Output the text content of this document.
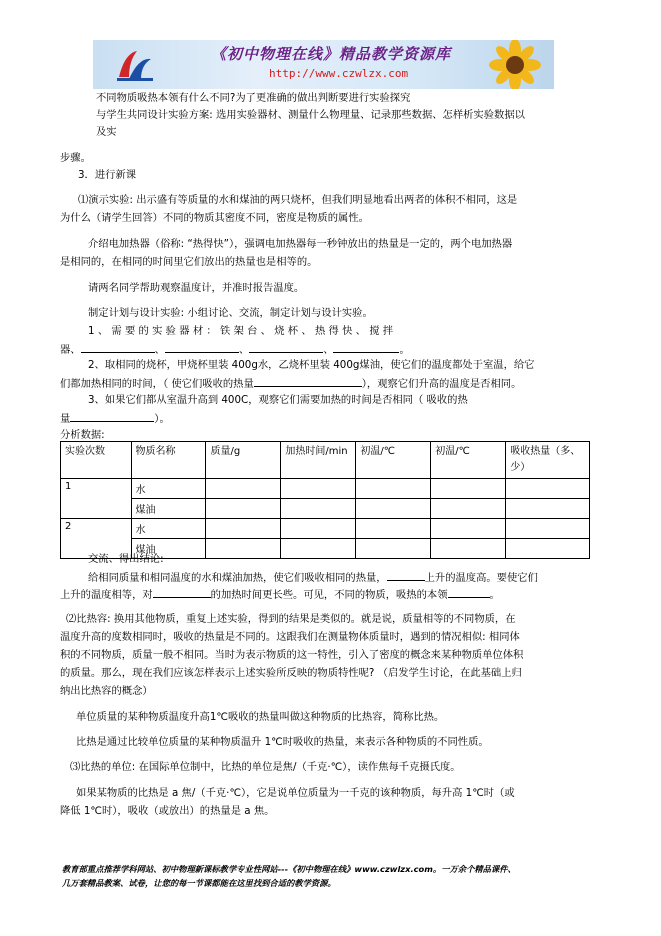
《初中物理在线》精品教学资源库
http://www.czwlzx.com
不同物质吸热本领有什么不同?为了更准确的做出判断要进行实验探究
与学生共同设计实验方案: 选用实验器材、测量什么物理量、记录那些数据、怎样析实验数据以
及实
步骤。
3．进行新课
⑴演示实验: 出示盛有等质量的水和煤油的两只烧杯，但我们明显地看出两者的体积不相同，这是
为什么（请学生回答）不同的物质其密度不同，密度是物质的属性。
介绍电加热器（俗称: “热得快”），强调电加热器每一秒钟放出的热量是一定的，两个电加热器
是相同的，在相同的时间里它们放出的热量也是相等的。
请两名同学帮助观察温度计，并准时报告温度。
制定计划与设计实验: 小组讨论、交流，制定计划与设计实验。
1 、 需 要 的 实 验 器 材 ： 铁 架 台 、 烧 杯 、 热 得 快 、 搅 拌
器、	、	、	、	。
2、取相同的烧杯，甲烧杯里装 400g水，乙烧杯里装 400g煤油，使它们的温度都处于室温，给它
们都加热相同的时间，（ 使它们吸收的热量	），观察它们升高的温度是否相同。
3、如果它们都从室温升高到 400C，观察它们需要加热的时间是否相同（ 吸收的热
量	）。
分析数据:
实验次数	物质名称	质量/g	加热时间/min	初温/℃	初温/℃	吸收热量（多、少）
1	水					
	煤油					
2	水					
	煤油					
交流、得出结论:
给相同质量和相同温度的水和煤油加热，使它们吸收相同的热量，	上升的温度高。要使它们
上升的温度相等，对	的加热时间更长些。可见，不同的物质，吸热的本领	。
⑵比热容: 换用其他物质，重复上述实验，得到的结果是类似的。就是说，质量相等的不同物质，在
温度升高的度数相同时，吸收的热量是不同的。这跟我们在测量物体质量时，遇到的情况相似: 相同体
积的不同物质，质量一般不相同。当时为表示物质的这一特性，引入了密度的概念来某种物质单位体积
的质量。那么，现在我们应该怎样表示上述实验所反映的物质特性呢? （启发学生讨论，在此基础上归
纳出比热容的概念）
单位质量的某种物质温度升高1℃吸收的热量叫做这种物质的比热容，简称比热。
比热是通过比较单位质量的某种物质温升 1℃时吸收的热量，来表示各种物质的不同性质。
⑶比热的单位: 在国际单位制中，比热的单位是焦/（千克·℃），读作焦每千克摄氏度。
如果某物质的比热是 a 焦/（千克·℃），它是说单位质量为一千克的该种物质，每升高 1℃时（或
降低 1℃时），吸收（或放出）的热量是 a 焦。
教育部重点推荐学科网站、初中物理新课标教学专业性网站---《初中物理在线》www.czwlzx.com。一万余个精品课件、
几万套精品教案、试卷，让您的每一节课都能在这里找到合适的教学资源。
